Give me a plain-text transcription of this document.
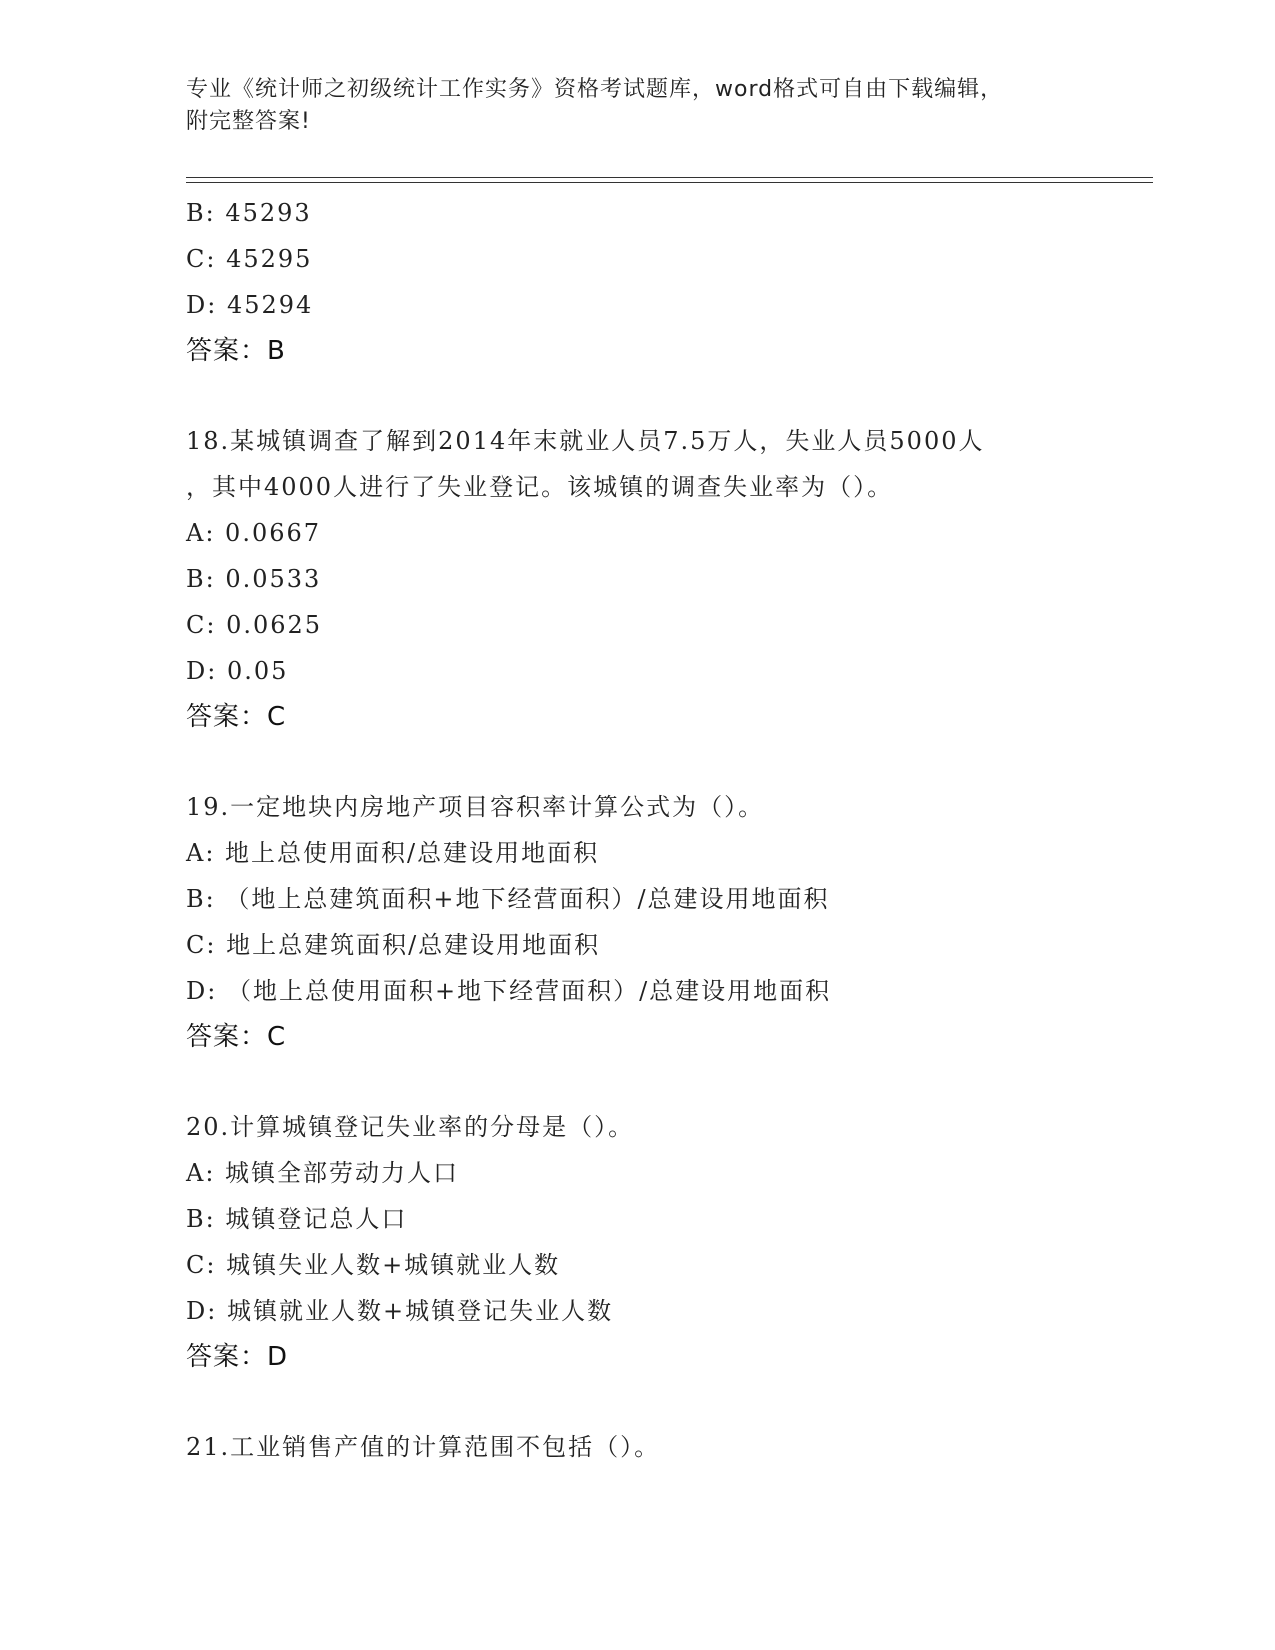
专业《统计师之初级统计工作实务》资格考试题库，word格式可自由下载编辑，
附完整答案!
B: 45293
C: 45295
D: 45294
答案：B
18.某城镇调查了解到2014年末就业人员7.5万人，失业人员5000人
，其中4000人进行了失业登记。该城镇的调查失业率为（）。
A: 0.0667
B: 0.0533
C: 0.0625
D: 0.05
答案：C
19.一定地块内房地产项目容积率计算公式为（）。
A: 地上总使用面积/总建设用地面积
B: （地上总建筑面积+地下经营面积）/总建设用地面积
C: 地上总建筑面积/总建设用地面积
D: （地上总使用面积+地下经营面积）/总建设用地面积
答案：C
20.计算城镇登记失业率的分母是（）。
A: 城镇全部劳动力人口
B: 城镇登记总人口
C: 城镇失业人数+城镇就业人数
D: 城镇就业人数+城镇登记失业人数
答案：D
21.工业销售产值的计算范围不包括（）。
